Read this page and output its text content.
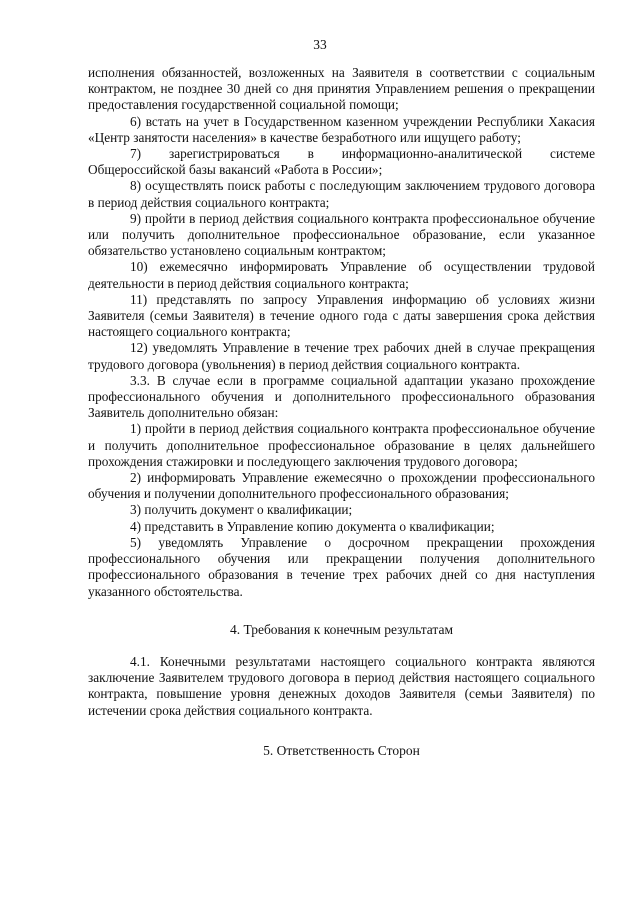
33

исполнения обязанностей, возложенных на Заявителя в соответствии с социальным контрактом, не позднее 30 дней со дня принятия Управлением решения о прекращении предоставления государственной социальной помощи;

6) встать на учет в Государственном казенном учреждении Республики Хакасия «Центр занятости населения» в качестве безработного или ищущего работу;

7) зарегистрироваться в информационно-аналитической системе Общероссийской базы вакансий «Работа в России»;

8) осуществлять поиск работы с последующим заключением трудового договора в период действия социального контракта;

9) пройти в период действия социального контракта профессиональное обучение или получить дополнительное профессиональное образование, если указанное обязательство установлено социальным контрактом;

10) ежемесячно информировать Управление об осуществлении трудовой деятельности в период действия социального контракта;

11) представлять по запросу Управления информацию об условиях жизни Заявителя (семьи Заявителя) в течение одного года с даты завершения срока действия настоящего социального контракта;

12) уведомлять Управление в течение трех рабочих дней в случае прекращения трудового договора (увольнения) в период действия социального контракта.

3.3. В случае если в программе социальной адаптации указано прохождение профессионального обучения и дополнительного профессионального образования Заявитель дополнительно обязан:

1) пройти в период действия социального контракта профессиональное обучение и получить дополнительное профессиональное образование в целях дальнейшего прохождения стажировки и последующего заключения трудового договора;

2) информировать Управление ежемесячно о прохождении профессионального обучения и получении дополнительного профессионального образования;

3) получить документ о квалификации;

4) представить в Управление копию документа о квалификации;

5) уведомлять Управление о досрочном прекращении прохождения профессионального обучения или прекращении получения дополнительного профессионального образования в течение трех рабочих дней со дня наступления указанного обстоятельства.

4. Требования к конечным результатам

4.1. Конечными результатами настоящего социального контракта являются заключение Заявителем трудового договора в период действия настоящего социального контракта, повышение уровня денежных доходов Заявителя (семьи Заявителя) по истечении срока действия социального контракта.

5. Ответственность Сторон
